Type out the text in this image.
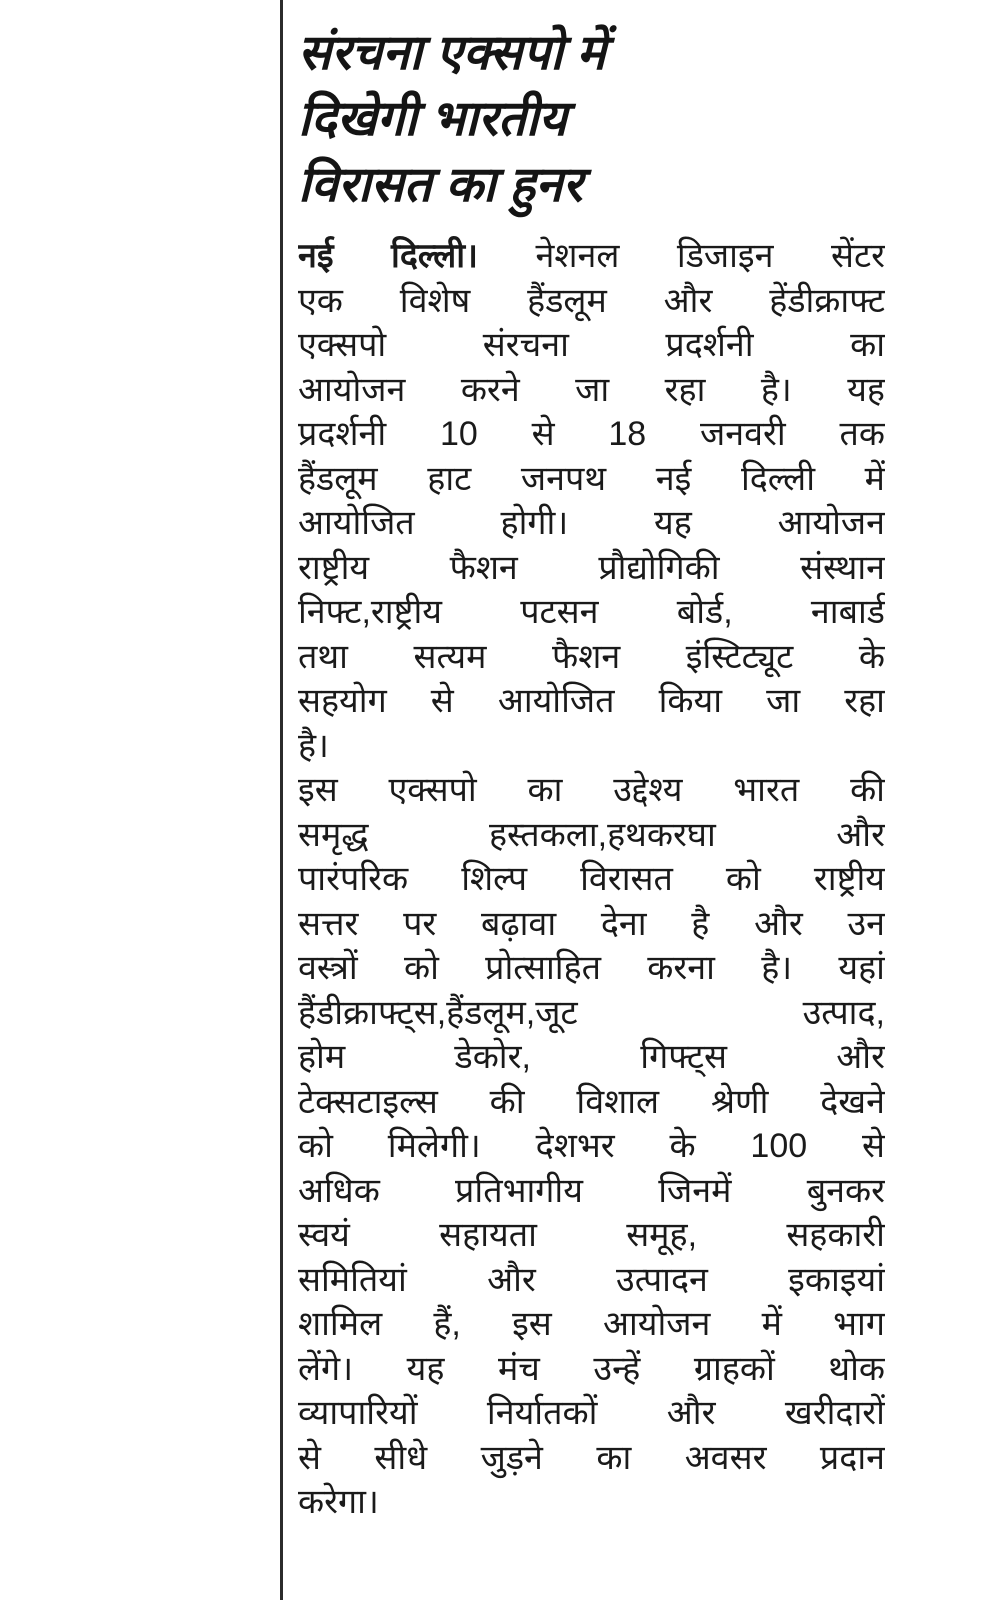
संरचना एक्सपो में
दिखेगी भारतीय
विरासत का हुनर
नई दिल्ली। नेशनल डिजाइन सेंटर
एक विशेष हैंडलूम और हेंडीक्राफ्ट
एक्सपो संरचना प्रदर्शनी का
आयोजन करने जा रहा है। यह
प्रदर्शनी 10 से 18 जनवरी तक
हैंडलूम हाट जनपथ नई दिल्ली में
आयोजित होगी। यह आयोजन
राष्ट्रीय फैशन प्रौद्योगिकी संस्थान
निफ्ट,राष्ट्रीय पटसन बोर्ड, नाबार्ड
तथा सत्यम फैशन इंस्टिट्यूट के
सहयोग से आयोजित किया जा रहा
है।
इस एक्सपो का उद्देश्य भारत की
समृद्ध हस्तकला,हथकरघा और
पारंपरिक शिल्प विरासत को राष्ट्रीय
सत्तर पर बढ़ावा देना है और उन
वस्त्रों को प्रोत्साहित करना है। यहां
हैंडीक्राफ्ट्स,हैंडलूम,जूट उत्पाद,
होम डेकोर, गिफ्ट्स और
टेक्सटाइल्स की विशाल श्रेणी देखने
को मिलेगी। देशभर के 100 से
अधिक प्रतिभागीय जिनमें बुनकर
स्वयं सहायता समूह, सहकारी
समितियां और उत्पादन इकाइयां
शामिल हैं, इस आयोजन में भाग
लेंगे। यह मंच उन्हें ग्राहकों थोक
व्यापारियों निर्यातकों और खरीदारों
से सीधे जुड़ने का अवसर प्रदान
करेगा।
